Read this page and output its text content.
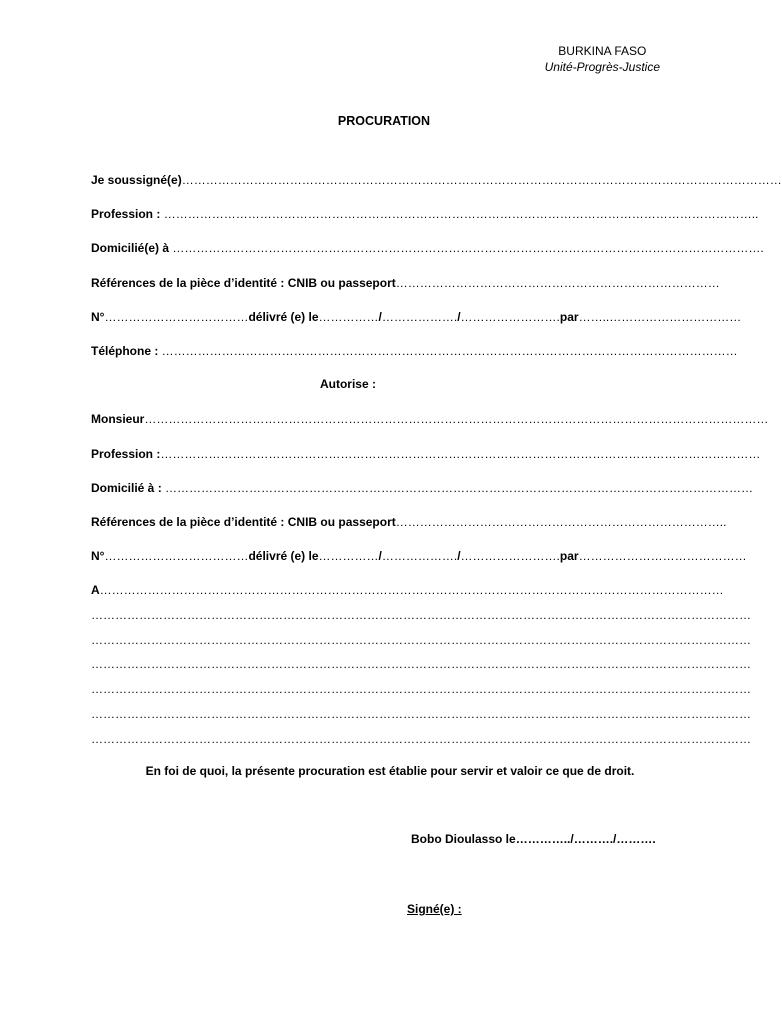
BURKINA FASO
Unité-Progrès-Justice
PROCURATION
Je soussigné(e)……………………………………………………………………………………………………………………………………
Profession : …………………………………………………………………………………………………………………………………..
Domicilié(e) à ………………………………………………………………………………………………………………………………….
Références de la pièce d’identité : CNIB ou passeport………………………………………………………………………
N°………………………………délivré (e) le……………/………………./…………………….par……..……………………………
Téléphone : ………………………………………………………………………………………………………………………………
Autorise :
Monsieur…………………………………………………………………………………………………………………………………………
Profession :……………………………………………………………………………………………………………………………………
Domicilié à : …………………………………………………………………………………………………………………………………
Références de la pièce d’identité : CNIB ou passeport………………………………………………………………………..
N°………………………………délivré (e) le……………/………………./…………………….par……………………………………
A…………………………………………………………………………………………………………………………………………
…………………………………………………………………………………………………………………………………………………
…………………………………………………………………………………………………………………………………………………
…………………………………………………………………………………………………………………………………………………
…………………………………………………………………………………………………………………………………………………
…………………………………………………………………………………………………………………………………………………
…………………………………………………………………………………………………………………………………………………
En foi de quoi, la présente procuration est établie pour servir et valoir ce que de droit.
Bobo Dioulasso le…………../………./……….
Signé(e) :
